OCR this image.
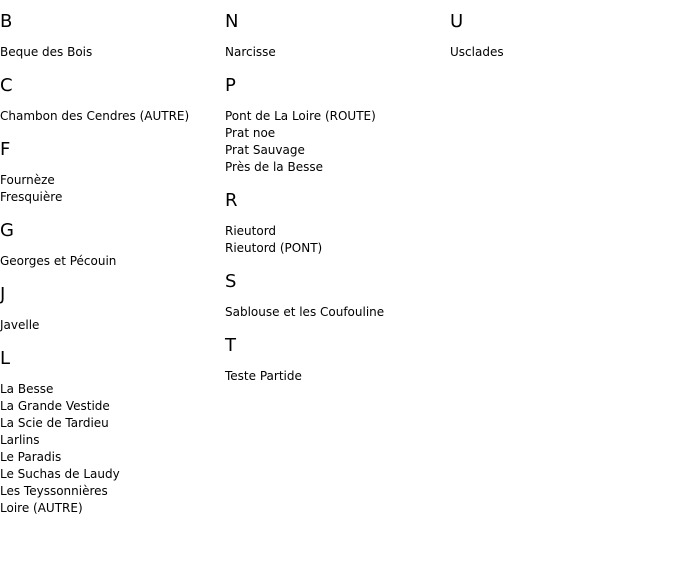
B
Beque des Bois
C
Chambon des Cendres (AUTRE)
F
Fournèze
Fresquière
G
Georges et Pécouin
J
Javelle
L
La Besse
La Grande Vestide
La Scie de Tardieu
Larlins
Le Paradis
Le Suchas de Laudy
Les Teyssonnières
Loire (AUTRE)
N
Narcisse
P
Pont de La Loire (ROUTE)
Prat noe
Prat Sauvage
Près de la Besse
R
Rieutord
Rieutord (PONT)
S
Sablouse et les Coufouline
T
Teste Partide
U
Usclades
